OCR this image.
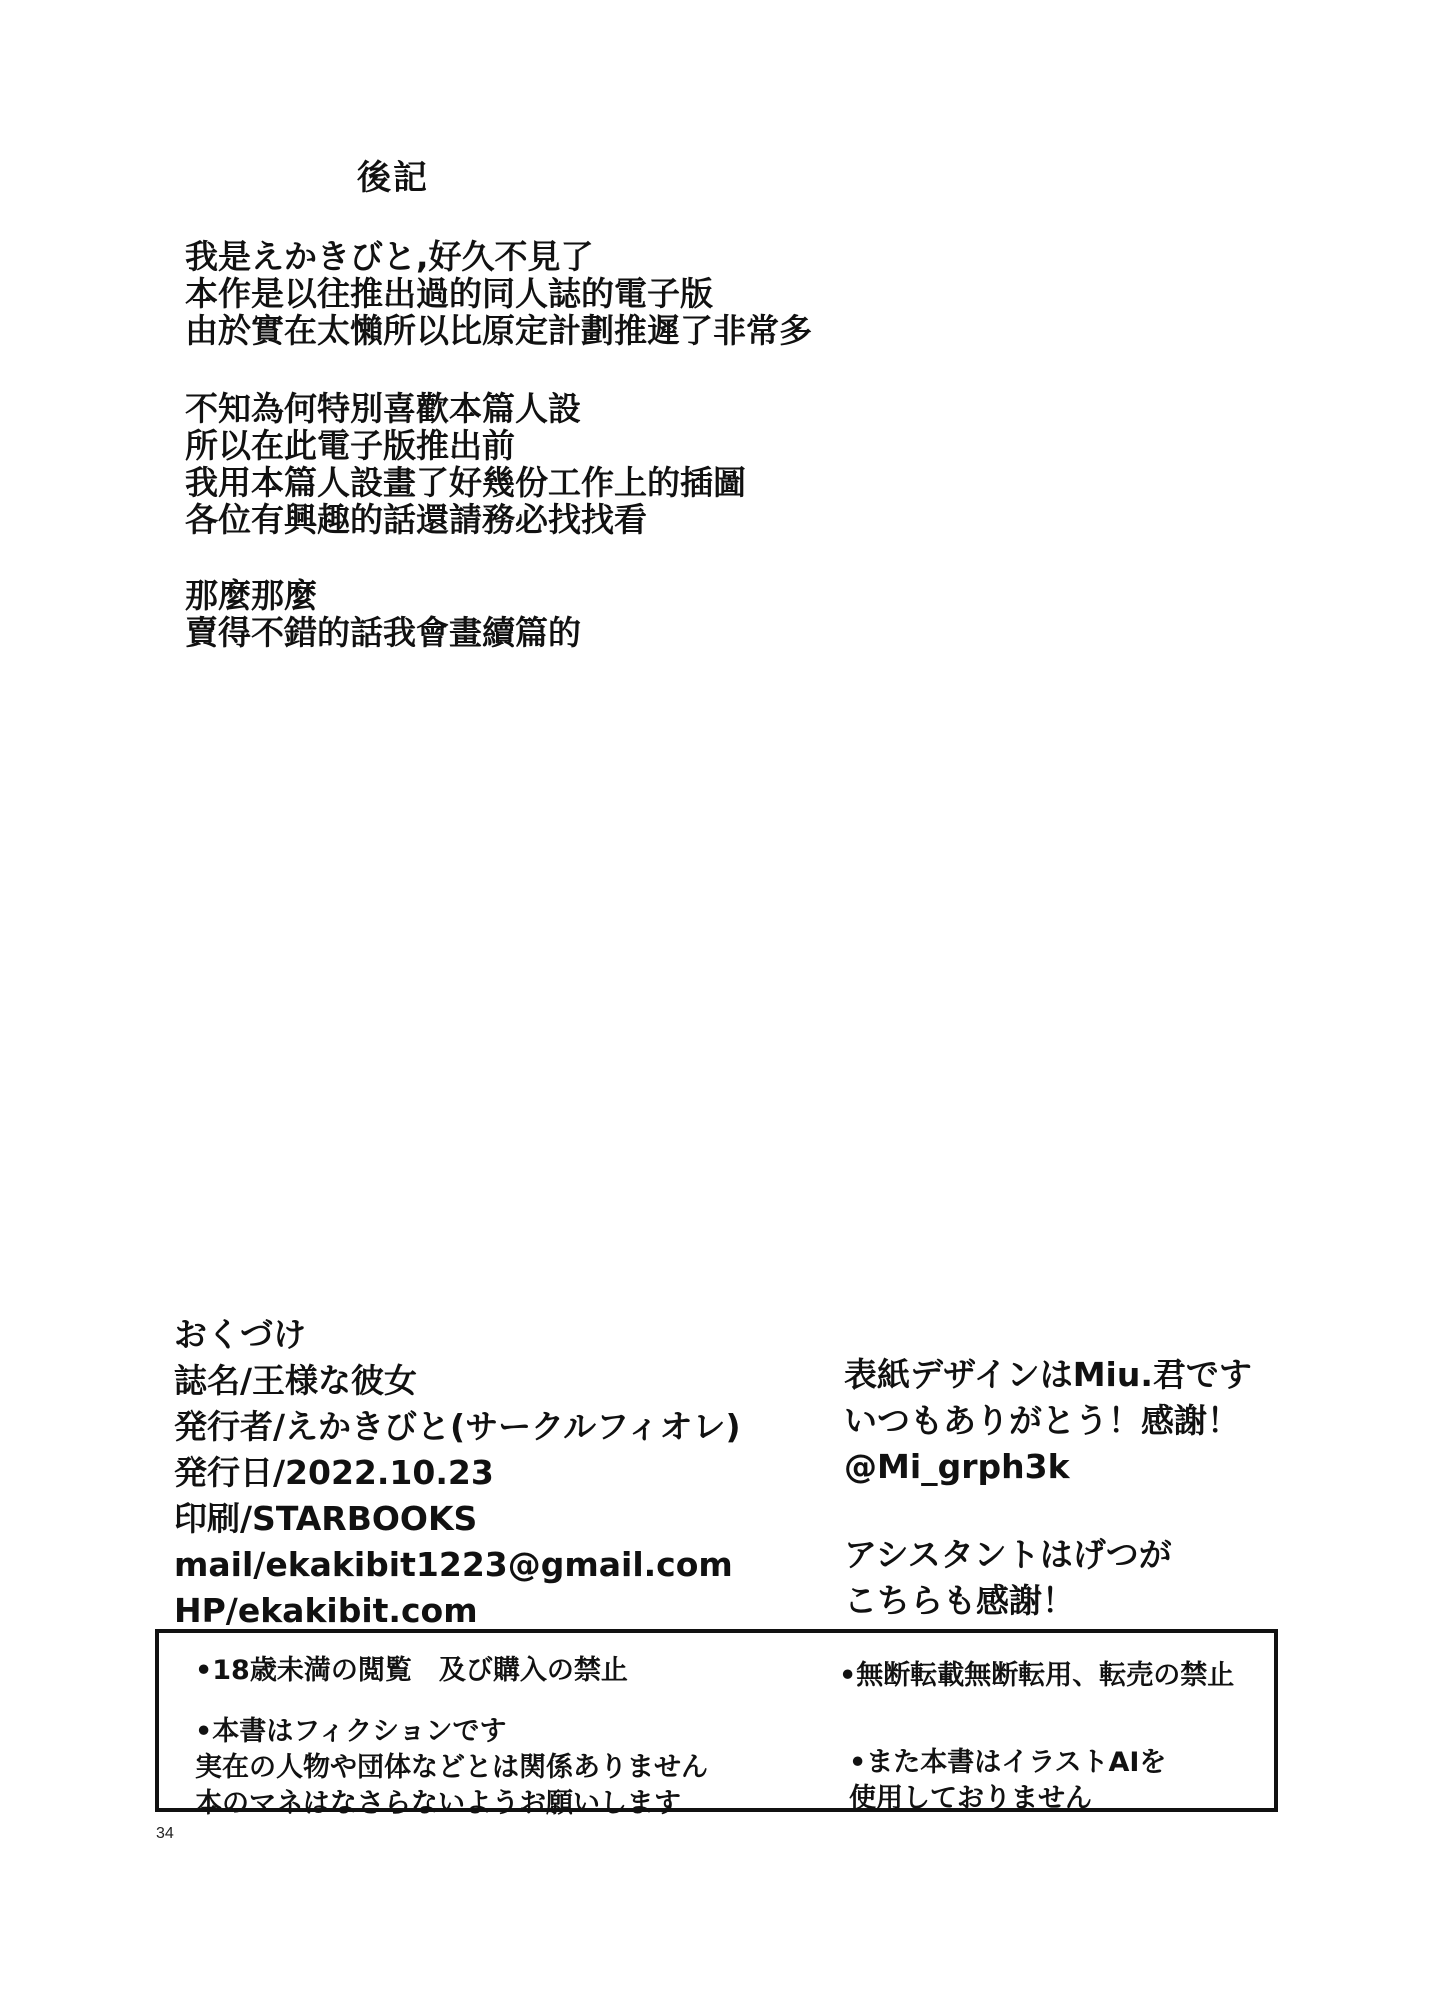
後記
我是えかきびと,好久不見了
本作是以往推出過的同人誌的電子版
由於實在太懶所以比原定計劃推遲了非常多
不知為何特別喜歡本篇人設
所以在此電子版推出前
我用本篇人設畫了好幾份工作上的插圖
各位有興趣的話還請務必找找看
那麼那麼
賣得不錯的話我會畫續篇的
おくづけ
誌名/王様な彼女
発行者/えかきびと(サークルフィオレ)
発行日/2022.10.23
印刷/STARBOOKS
mail/ekakibit1223@gmail.com
HP/ekakibit.com
表紙デザインはMiu.君です
いつもありがとう！感謝！
@Mi_grph3k
アシスタントはげつが
こちらも感謝！
•18歳未満の閲覧　及び購入の禁止
•本書はフィクションです
実在の人物や団体などとは関係ありません
本のマネはなさらないようお願いします
•無断転載無断転用、転売の禁止
•また本書はイラストAIを
使用しておりません
34
